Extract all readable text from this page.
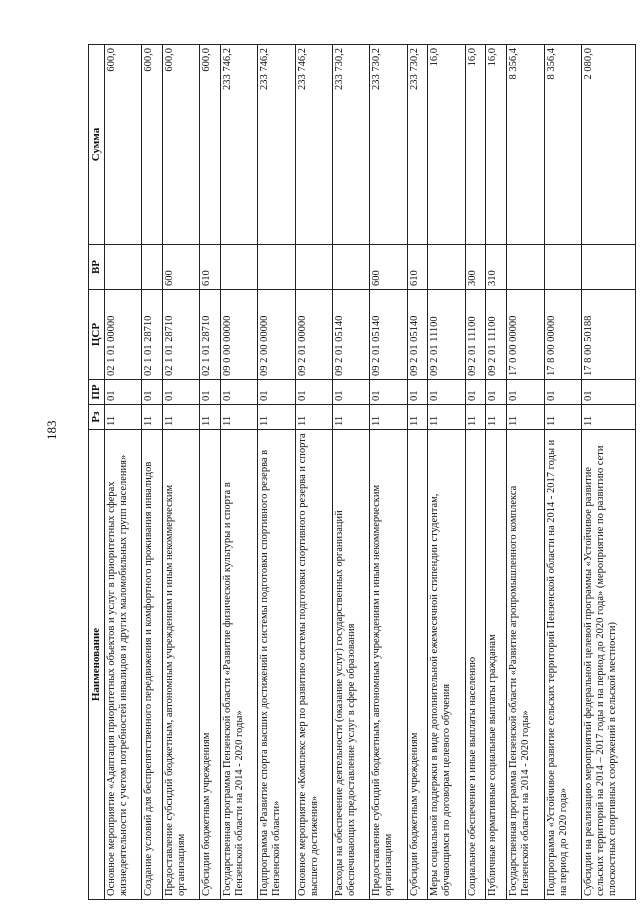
183
Наименование	Рз	ПР	ЦСР	ВР	Сумма
Основное мероприятие «Адаптация приоритетных объектов и услуг в приоритетных сферах жизнедеятельности с учетом потребностей инвалидов и других маломобильных групп населения»	11	01	02 1 01 00000		600,0
Создание условий для беспрепятственного передвижения и комфортного проживания инвалидов	11	01	02 1 01 28710		600,0
Предоставление субсидий бюджетным, автономным учреждениям и иным некоммерческим организациям	11	01	02 1 01 28710	600	600,0
Субсидии бюджетным учреждениям	11	01	02 1 01 28710	610	600,0
Государственная программа Пензенской области «Развитие физической культуры и спорта в Пензенской области на 2014 - 2020 годы»	11	01	09 0 00 00000		233 746,2
Подпрограмма «Развитие спорта высших достижений и системы подготовки спортивного резерва в Пензенской области»	11	01	09 2 00 00000		233 746,2
Основное мероприятие «Комплекс мер по развитию системы подготовки спортивного резерва и спорта высшего достижения»	11	01	09 2 01 00000		233 746,2
Расходы на обеспечение деятельности (оказание услуг) государственных организаций обеспечивающих предоставление услуг в сфере образования	11	01	09 2 01 05140		233 730,2
Предоставление субсидий бюджетным, автономным учреждениям и иным некоммерческим организациям	11	01	09 2 01 05140	600	233 730,2
Субсидии бюджетным учреждениям	11	01	09 2 01 05140	610	233 730,2
Меры социальной поддержки в виде дополнительной ежемесячной стипендии студентам, обучающимся по договорам целевого обучения	11	01	09 2 01 11100		16,0
Социальное обеспечение и иные выплаты населению	11	01	09 2 01 11100	300	16,0
Публичные нормативные социальные выплаты гражданам	11	01	09 2 01 11100	310	16,0
Государственная программа Пензенской области «Развитие агропромышленного комплекса Пензенской области на 2014 - 2020 годы»	11	01	17 0 00 00000		8 356,4
Подпрограмма «Устойчивое развитие сельских территорий Пензенской области на 2014 - 2017 годы и на период до 2020 года»	11	01	17 8 00 00000		8 356,4
Субсидии на реализацию мероприятий федеральной целевой программы «Устойчивое развитие сельских территорий на 2014 – 2017 годы и на период до 2020 года» (мероприятие по развитию сети плоскостных спортивных сооружений в сельской местности)	11	01	17 8 00 50188		2 080,0
